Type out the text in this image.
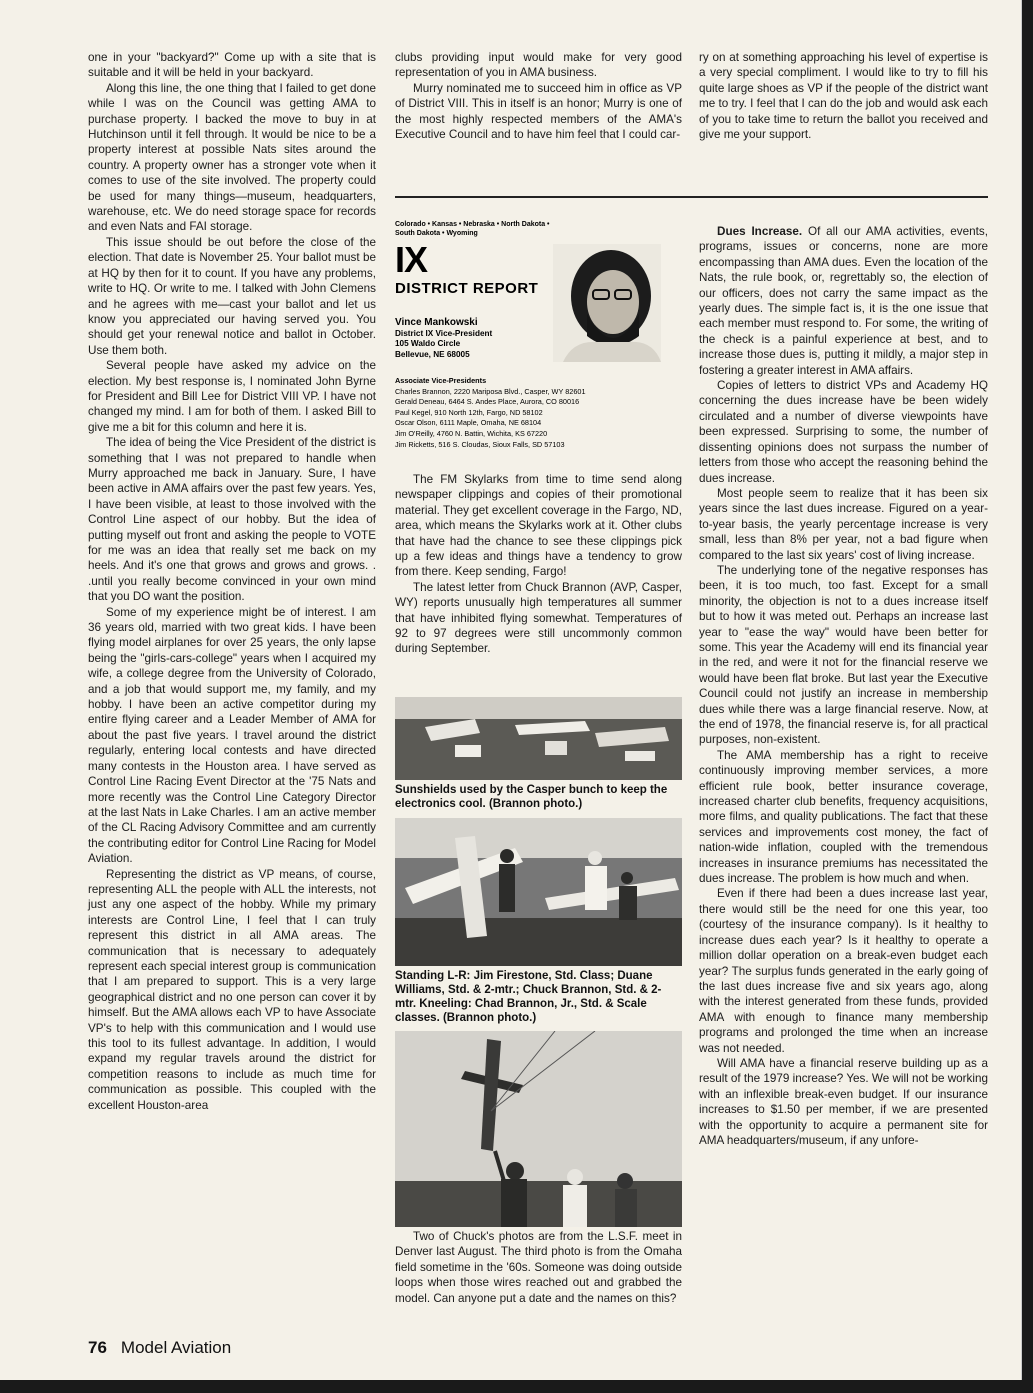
one in your "backyard?" Come up with a site that is suitable and it will be held in your backyard.

Along this line, the one thing that I failed to get done while I was on the Council was getting AMA to purchase property. I backed the move to buy in at Hutchinson until it fell through. It would be nice to be a property interest at possible Nats sites around the country. A property owner has a stronger vote when it comes to use of the site involved. The property could be used for many things—museum, headquarters, warehouse, etc. We do need storage space for records and even Nats and FAI storage.

This issue should be out before the close of the election. That date is November 25. Your ballot must be at HQ by then for it to count. If you have any problems, write to HQ. Or write to me. I talked with John Clemens and he agrees with me—cast your ballot and let us know you appreciated our having served you. You should get your renewal notice and ballot in October. Use them both.

Several people have asked my advice on the election. My best response is, I nominated John Byrne for President and Bill Lee for District VIII VP. I have not changed my mind. I am for both of them. I asked Bill to give me a bit for this column and here it is.

The idea of being the Vice President of the district is something that I was not prepared to handle when Murry approached me back in January. Sure, I have been active in AMA affairs over the past few years. Yes, I have been visible, at least to those involved with the Control Line aspect of our hobby. But the idea of putting myself out front and asking the people to VOTE for me was an idea that really set me back on my heels. And it's one that grows and grows and grows. . .until you really become convinced in your own mind that you DO want the position.

Some of my experience might be of interest. I am 36 years old, married with two great kids. I have been flying model airplanes for over 25 years, the only lapse being the "girls-cars-college" years when I acquired my wife, a college degree from the University of Colorado, and a job that would support me, my family, and my hobby. I have been an active competitor during my entire flying career and a Leader Member of AMA for about the past five years. I travel around the district regularly, entering local contests and have directed many contests in the Houston area. I have served as Control Line Racing Event Director at the '75 Nats and more recently was the Control Line Category Director at the last Nats in Lake Charles. I am an active member of the CL Racing Advisory Committee and am currently the contributing editor for Control Line Racing for Model Aviation.

Representing the district as VP means, of course, representing ALL the people with ALL the interests, not just any one aspect of the hobby. While my primary interests are Control Line, I feel that I can truly represent this district in all AMA areas. The communication that is necessary to adequately represent each special interest group is communication that I am prepared to support. This is a very large geographical district and no one person can cover it by himself. But the AMA allows each VP to have Associate VP's to help with this communication and I would use this tool to its fullest advantage. In addition, I would expand my regular travels around the district for competition reasons to include as much time for communication as possible. This coupled with the excellent Houston-area

clubs providing input would make for very good representation of you in AMA business.

Murry nominated me to succeed him in office as VP of District VIII. This in itself is an honor; Murry is one of the most highly respected members of the AMA's Executive Council and to have him feel that I could car-

ry on at something approaching his level of expertise is a very special compliment. I would like to try to fill his quite large shoes as VP if the people of the district want me to try. I feel that I can do the job and would ask each of you to take time to return the ballot you received and give me your support.

Colorado • Kansas • Nebraska • North Dakota • South Dakota • Wyoming
IX
DISTRICT REPORT
Vince Mankowski
District IX Vice-President
105 Waldo Circle
Bellevue, NE 68005
Associate Vice-Presidents
Charles Brannon, 2220 Mariposa Blvd., Casper, WY 82601
Gerald Deneau, 6464 S. Andes Place, Aurora, CO 80016
Paul Kegel, 910 North 12th, Fargo, ND 58102
Oscar Olson, 6111 Maple, Omaha, NE 68104
Jim O'Reilly, 4760 N. Battin, Wichita, KS 67220
Jim Ricketts, 516 S. Cloudas, Sioux Falls, SD 57103

The FM Skylarks from time to time send along newspaper clippings and copies of their promotional material. They get excellent coverage in the Fargo, ND, area, which means the Skylarks work at it. Other clubs that have had the chance to see these clippings pick up a few ideas and things have a tendency to grow from there. Keep sending, Fargo!

The latest letter from Chuck Brannon (AVP, Casper, WY) reports unusually high temperatures all summer that have inhibited flying somewhat. Temperatures of 92 to 97 degrees were still uncommonly common during September.

Sunshields used by the Casper bunch to keep the electronics cool. (Brannon photo.)
Standing L-R: Jim Firestone, Std. Class; Duane Williams, Std. & 2-mtr.; Chuck Brannon, Std. & 2-mtr. Kneeling: Chad Brannon, Jr., Std. & Scale classes. (Brannon photo.)

Dues Increase. Of all our AMA activities, events, programs, issues or concerns, none are more encompassing than AMA dues. Even the location of the Nats, the rule book, or, regrettably so, the election of our officers, does not carry the same impact as the yearly dues. The simple fact is, it is the one issue that each member must respond to. For some, the writing of the check is a painful experience at best, and to increase those dues is, putting it mildly, a major step in fostering a greater interest in AMA affairs.

Copies of letters to district VPs and Academy HQ concerning the dues increase have be been widely circulated and a number of diverse viewpoints have been expressed. Surprising to some, the number of dissenting opinions does not surpass the number of letters from those who accept the reasoning behind the dues increase.

Most people seem to realize that it has been six years since the last dues increase. Figured on a year-to-year basis, the yearly percentage increase is very small, less than 8% per year, not a bad figure when compared to the last six years' cost of living increase.

The underlying tone of the negative responses has been, it is too much, too fast. Except for a small minority, the objection is not to a dues increase itself but to how it was meted out. Perhaps an increase last year to "ease the way" would have been better for some. This year the Academy will end its financial year in the red, and were it not for the financial reserve we would have been flat broke. But last year the Executive Council could not justify an increase in membership dues while there was a large financial reserve. Now, at the end of 1978, the financial reserve is, for all practical purposes, non-existent.

The AMA membership has a right to receive continuously improving member services, a more efficient rule book, better insurance coverage, increased charter club benefits, frequency acquisitions, more films, and quality publications. The fact that these services and improvements cost money, the fact of nation-wide inflation, coupled with the tremendous increases in insurance premiums has necessitated the dues increase. The problem is how much and when.

Even if there had been a dues increase last year, there would still be the need for one this year, too (courtesy of the insurance company). Is it healthy to increase dues each year? Is it healthy to operate a million dollar operation on a break-even budget each year? The surplus funds generated in the early going of the last dues increase five and six years ago, along with the interest generated from these funds, provided AMA with enough to finance many membership programs and prolonged the time when an increase was not needed.

Will AMA have a financial reserve building up as a result of the 1979 increase? Yes. We will not be working with an inflexible break-even budget. If our insurance increases to $1.50 per member, if we are presented with the opportunity to acquire a permanent site for AMA headquarters/museum, if any unfore-

76 Model Aviation

Two of Chuck's photos are from the L.S.F. meet in Denver last August. The third photo is from the Omaha field sometime in the '60s. Someone was doing outside loops when those wires reached out and grabbed the model. Can anyone put a date and the names on this?
